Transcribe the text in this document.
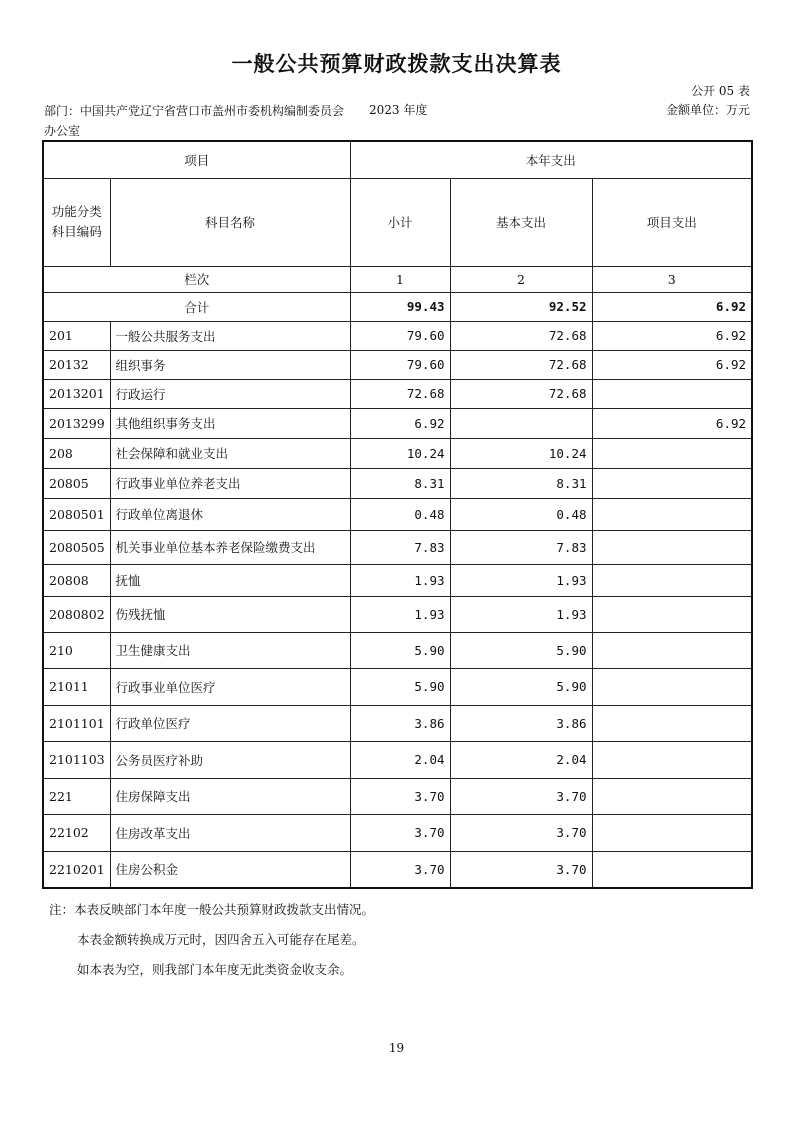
一般公共预算财政拨款支出决算表
公开 05 表
部门：中国共产党辽宁省营口市盖州市委机构编制委员会办公室
2023 年度	金额单位：万元
项目		本年支出		
功能分类科目编码	科目名称	小计	基本支出	项目支出
栏次		1	2	3
合计		99.43	92.52	6.92
201	一般公共服务支出	79.60	72.68	6.92
20132	组织事务	79.60	72.68	6.92
2013201	行政运行	72.68	72.68	
2013299	其他组织事务支出	6.92		6.92
208	社会保障和就业支出	10.24	10.24	
20805	行政事业单位养老支出	8.31	8.31	
2080501	行政单位离退休	0.48	0.48	
2080505	机关事业单位基本养老保险缴费支出	7.83	7.83	
20808	抚恤	1.93	1.93	
2080802	伤残抚恤	1.93	1.93	
210	卫生健康支出	5.90	5.90	
21011	行政事业单位医疗	5.90	5.90	
2101101	行政单位医疗	3.86	3.86	
2101103	公务员医疗补助	2.04	2.04	
221	住房保障支出	3.70	3.70	
22102	住房改革支出	3.70	3.70	
2210201	住房公积金	3.70	3.70	
注：本表反映部门本年度一般公共预算财政拨款支出情况。
本表金额转换成万元时，因四舍五入可能存在尾差。
如本表为空，则我部门本年度无此类资金收支余。
19
